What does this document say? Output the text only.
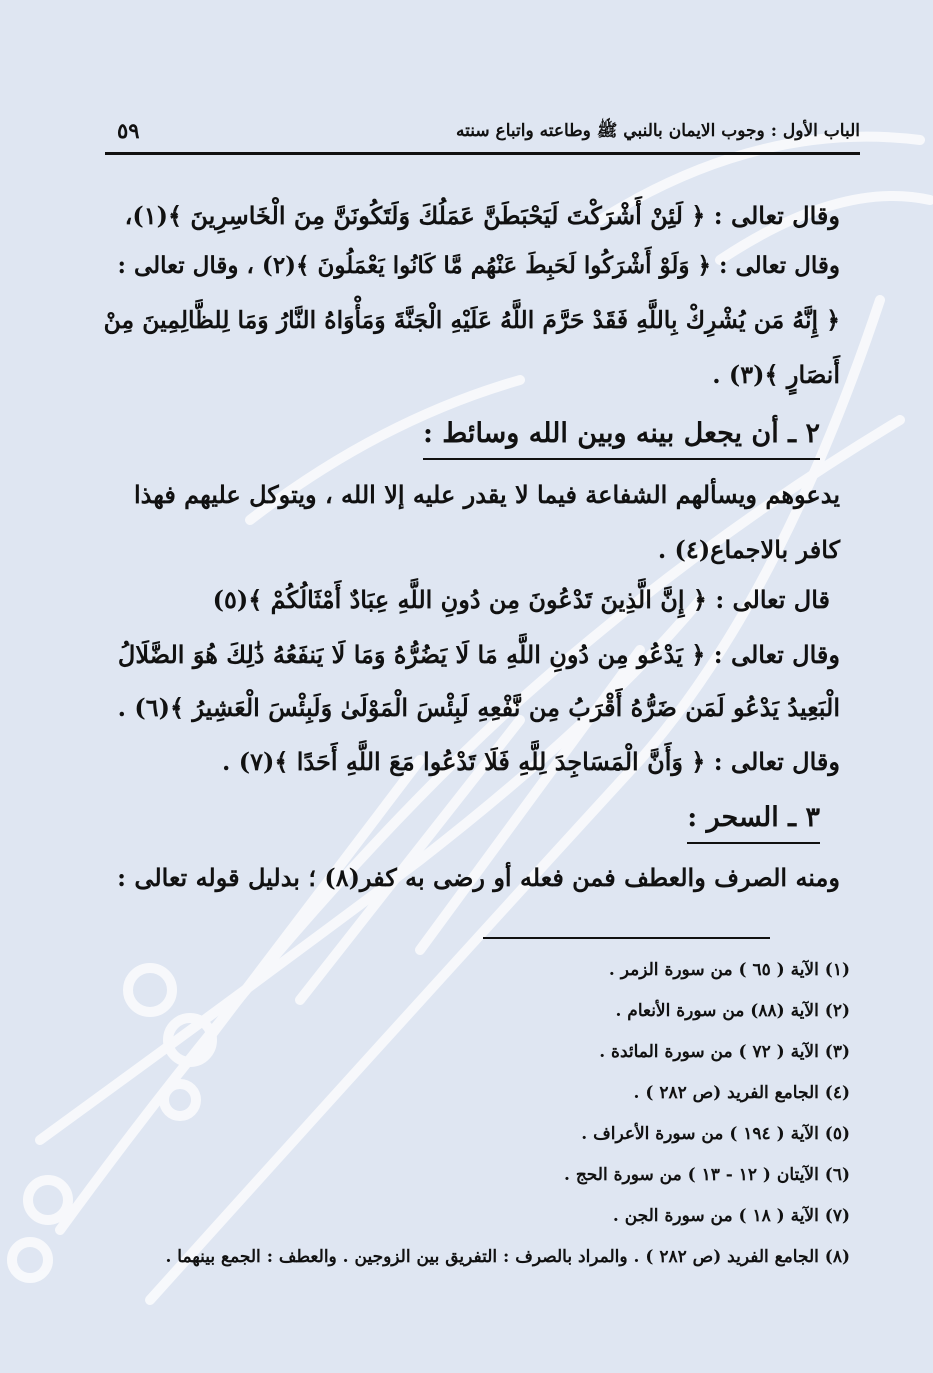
الباب الأول : وجوب الايمان بالنبي ﷺ وطاعته واتباع سنته
٥٩
وقال تعالى : ﴿ لَئِنْ أَشْرَكْتَ لَيَحْبَطَنَّ عَمَلُكَ وَلَتَكُونَنَّ مِنَ الْخَاسِرِينَ ﴾(١)،
وقال تعالى : ﴿ وَلَوْ أَشْرَكُوا لَحَبِطَ عَنْهُم مَّا كَانُوا يَعْمَلُونَ ﴾(٢) ، وقال تعالى :
﴿ إِنَّهُ مَن يُشْرِكْ بِاللَّهِ فَقَدْ حَرَّمَ اللَّهُ عَلَيْهِ الْجَنَّةَ وَمَأْوَاهُ النَّارُ وَمَا لِلظَّالِمِينَ مِنْ
أَنصَارٍ ﴾(٣) .
٢ ـ أن يجعل بينه وبين الله وسائط :
يدعوهم ويسألهم الشفاعة فيما لا يقدر عليه إلا الله ، ويتوكل عليهم فهذا
كافر بالاجماع(٤) .
قال تعالى : ﴿ إِنَّ الَّذِينَ تَدْعُونَ مِن دُونِ اللَّهِ عِبَادٌ أَمْثَالُكُمْ ﴾(٥)
وقال تعالى : ﴿ يَدْعُو مِن دُونِ اللَّهِ مَا لَا يَضُرُّهُ وَمَا لَا يَنفَعُهُ ذَٰلِكَ هُوَ الضَّلَالُ
الْبَعِيدُ يَدْعُو لَمَن ضَرُّهُ أَقْرَبُ مِن نَّفْعِهِ لَبِئْسَ الْمَوْلَىٰ وَلَبِئْسَ الْعَشِيرُ ﴾(٦) .
وقال تعالى : ﴿ وَأَنَّ الْمَسَاجِدَ لِلَّهِ فَلَا تَدْعُوا مَعَ اللَّهِ أَحَدًا ﴾(٧) .
٣ ـ السحر :
ومنه الصرف والعطف فمن فعله أو رضى به كفر(٨) ؛ بدليل قوله تعالى :
(١) الآية ( ٦٥ ) من سورة الزمر .
(٢) الآية (٨٨) من سورة الأنعام .
(٣) الآية ( ٧٢ ) من سورة المائدة .
(٤) الجامع الفريد (ص ٢٨٢ ) .
(٥) الآية ( ١٩٤ ) من سورة الأعراف .
(٦) الآيتان ( ١٢ - ١٣ ) من سورة الحج .
(٧) الآية ( ١٨ ) من سورة الجن .
(٨) الجامع الفريد (ص ٢٨٢ ) . والمراد بالصرف : التفريق بين الزوجين . والعطف : الجمع بينهما .
